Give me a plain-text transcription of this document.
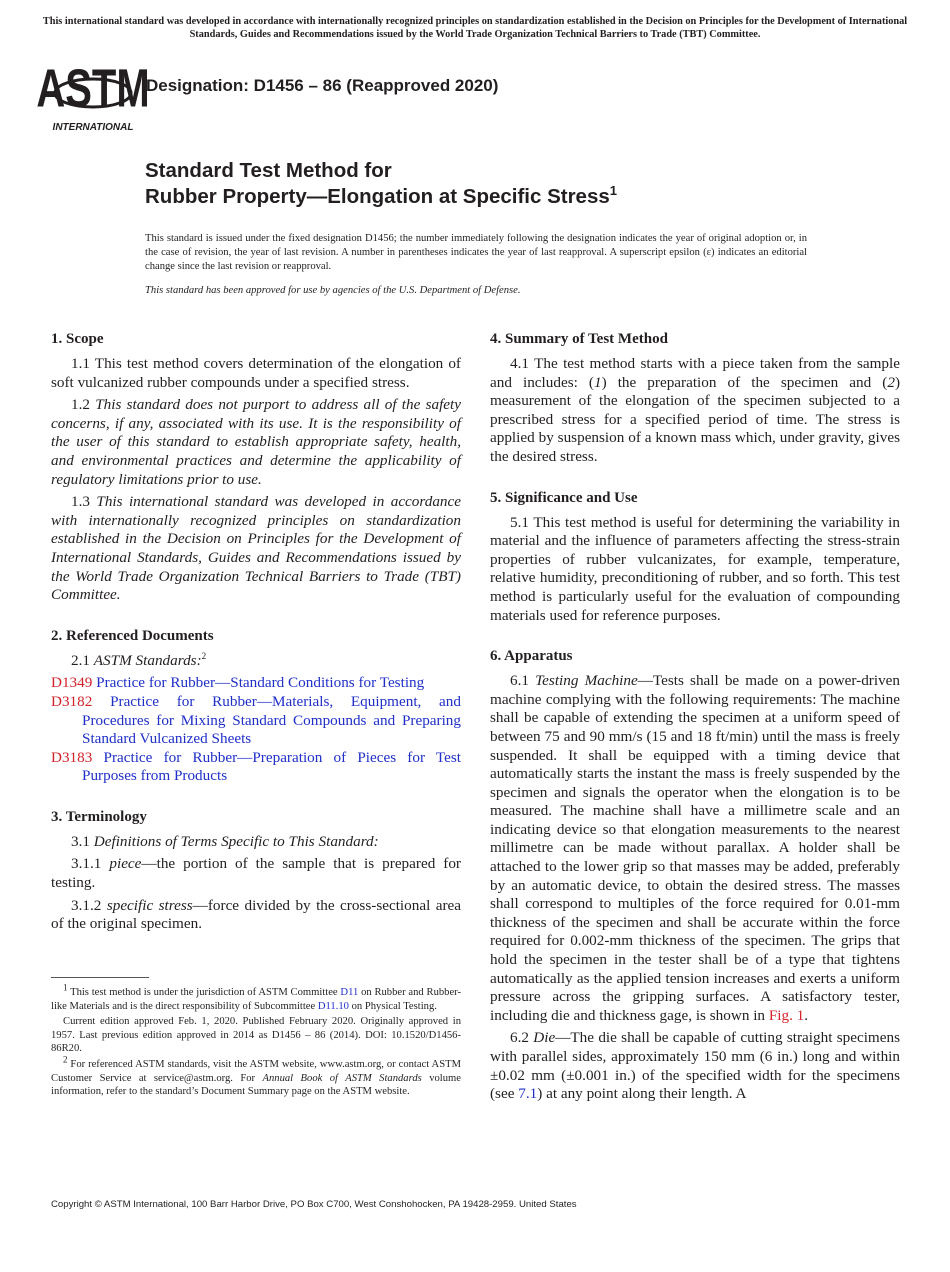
This international standard was developed in accordance with internationally recognized principles on standardization established in the Decision on Principles for the Development of International Standards, Guides and Recommendations issued by the World Trade Organization Technical Barriers to Trade (TBT) Committee.
ASTM
INTERNATIONAL
Designation: D1456 – 86 (Reapproved 2020)
Standard Test Method for
Rubber Property—Elongation at Specific Stress$^1$
This standard is issued under the fixed designation D1456; the number immediately following the designation indicates the year of original adoption or, in the case of revision, the year of last revision. A number in parentheses indicates the year of last reapproval. A superscript epsilon (ε) indicates an editorial change since the last revision or reapproval.
This standard has been approved for use by agencies of the U.S. Department of Defense.
1. Scope

1.1 This test method covers determination of the elongation of soft vulcanized rubber compounds under a specified stress.

1.2 This standard does not purport to address all of the safety concerns, if any, associated with its use. It is the responsibility of the user of this standard to establish appropriate safety, health, and environmental practices and determine the applicability of regulatory limitations prior to use.

1.3 This international standard was developed in accordance with internationally recognized principles on standardization established in the Decision on Principles for the Development of International Standards, Guides and Recommendations issued by the World Trade Organization Technical Barriers to Trade (TBT) Committee.

2. Referenced Documents

2.1 ASTM Standards:$^2$

D1349 Practice for Rubber—Standard Conditions for Testing

D3182 Practice for Rubber—Materials, Equipment, and Procedures for Mixing Standard Compounds and Preparing Standard Vulcanized Sheets

D3183 Practice for Rubber—Preparation of Pieces for Test Purposes from Products

3. Terminology

3.1 Definitions of Terms Specific to This Standard:

3.1.1 piece—the portion of the sample that is prepared for testing.

3.1.2 specific stress—force divided by the cross-sectional area of the original specimen.

4. Summary of Test Method

4.1 The test method starts with a piece taken from the sample and includes: (1) the preparation of the specimen and (2) measurement of the elongation of the specimen subjected to a prescribed stress for a specified period of time. The stress is applied by suspension of a known mass which, under gravity, gives the desired stress.

5. Significance and Use

5.1 This test method is useful for determining the variability in material and the influence of parameters affecting the stress-strain properties of rubber vulcanizates, for example, temperature, relative humidity, preconditioning of rubber, and so forth. This test method is particularly useful for the evaluation of compounding materials used for reference purposes.

6. Apparatus

6.1 Testing Machine—Tests shall be made on a power-driven machine complying with the following requirements: The machine shall be capable of extending the specimen at a uniform speed of between 75 and 90 mm/s (15 and 18 ft/min) until the mass is freely suspended. It shall be equipped with a timing device that automatically starts the instant the mass is freely suspended by the specimen and signals the operator when the elongation is to be measured. The machine shall have a millimetre scale and an indicating device so that elongation measurements to the nearest millimetre can be made without parallax. A holder shall be attached to the lower grip so that masses may be added, preferably by an automatic device, to obtain the desired stress. The masses shall correspond to multiples of the force required for 0.01-mm thickness of the specimen and shall be accurate within the force required for 0.002-mm thickness of the specimen. The grips that hold the specimen in the tester shall be of a type that tightens automatically as the applied tension increases and exerts a uniform pressure across the gripping surfaces. A satisfactory tester, including die and thickness gage, is shown in Fig. 1.

6.2 Die—The die shall be capable of cutting straight specimens with parallel sides, approximately 150 mm (6 in.) long and within ±0.02 mm (±0.001 in.) of the specified width for the specimens (see 7.1) at any point along their length. A

$^1$ This test method is under the jurisdiction of ASTM Committee D11 on Rubber and Rubber-like Materials and is the direct responsibility of Subcommittee D11.10 on Physical Testing.

Current edition approved Feb. 1, 2020. Published February 2020. Originally approved in 1957. Last previous edition approved in 2014 as D1456 – 86 (2014). DOI: 10.1520/D1456-86R20.

$^2$ For referenced ASTM standards, visit the ASTM website, www.astm.org, or contact ASTM Customer Service at service@astm.org. For Annual Book of ASTM Standards volume information, refer to the standard’s Document Summary page on the ASTM website.

Copyright © ASTM International, 100 Barr Harbor Drive, PO Box C700, West Conshohocken, PA 19428-2959. United States
